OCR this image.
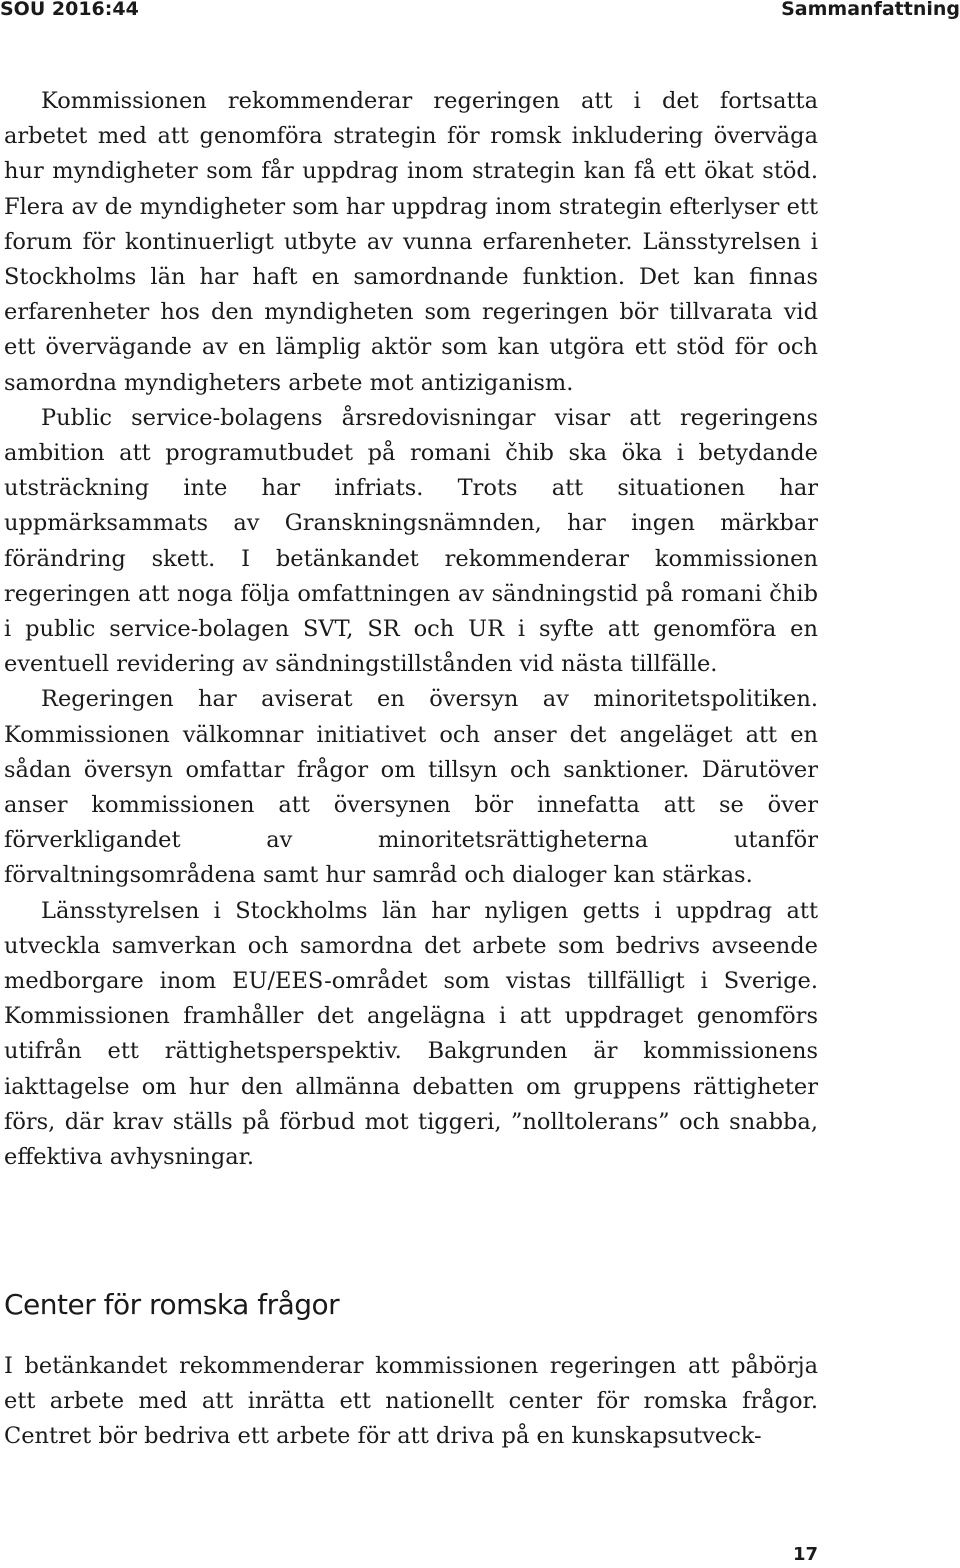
SOU 2016:44	Sammanfattning

Kommissionen rekommenderar regeringen att i det fortsatta arbetet med att genomföra strategin för romsk inkludering överväga hur myndigheter som får uppdrag inom strategin kan få ett ökat stöd. Flera av de myndigheter som har uppdrag inom strategin efterlyser ett forum för kontinuerligt utbyte av vunna erfarenheter. Länsstyrelsen i Stockholms län har haft en samordnande funktion. Det kan finnas erfarenheter hos den myndigheten som regeringen bör tillvarata vid ett övervägande av en lämplig aktör som kan utgöra ett stöd för och samordna myndigheters arbete mot antiziganism.

Public service-bolagens årsredovisningar visar att regeringens ambition att programutbudet på romani čhib ska öka i betydande utsträckning inte har infriats. Trots att situationen har uppmärksammats av Granskningsnämnden, har ingen märkbar förändring skett. I betänkandet rekommenderar kommissionen regeringen att noga följa omfattningen av sändningstid på romani čhib i public service-bolagen SVT, SR och UR i syfte att genomföra en eventuell revidering av sändningstillstånden vid nästa tillfälle.

Regeringen har aviserat en översyn av minoritetspolitiken. Kommissionen välkomnar initiativet och anser det angeläget att en sådan översyn omfattar frågor om tillsyn och sanktioner. Därutöver anser kommissionen att översynen bör innefatta att se över förverkligandet av minoritetsrättigheterna utanför förvaltningsområdena samt hur samråd och dialoger kan stärkas.

Länsstyrelsen i Stockholms län har nyligen getts i uppdrag att utveckla samverkan och samordna det arbete som bedrivs avseende medborgare inom EU/EES-området som vistas tillfälligt i Sverige. Kommissionen framhåller det angelägna i att uppdraget genomförs utifrån ett rättighetsperspektiv. Bakgrunden är kommissionens iakttagelse om hur den allmänna debatten om gruppens rättigheter förs, där krav ställs på förbud mot tiggeri, ”nolltolerans” och snabba, effektiva avhysningar.

Center för romska frågor

I betänkandet rekommenderar kommissionen regeringen att påbörja ett arbete med att inrätta ett nationellt center för romska frågor. Centret bör bedriva ett arbete för att driva på en kunskapsutveck-

17
